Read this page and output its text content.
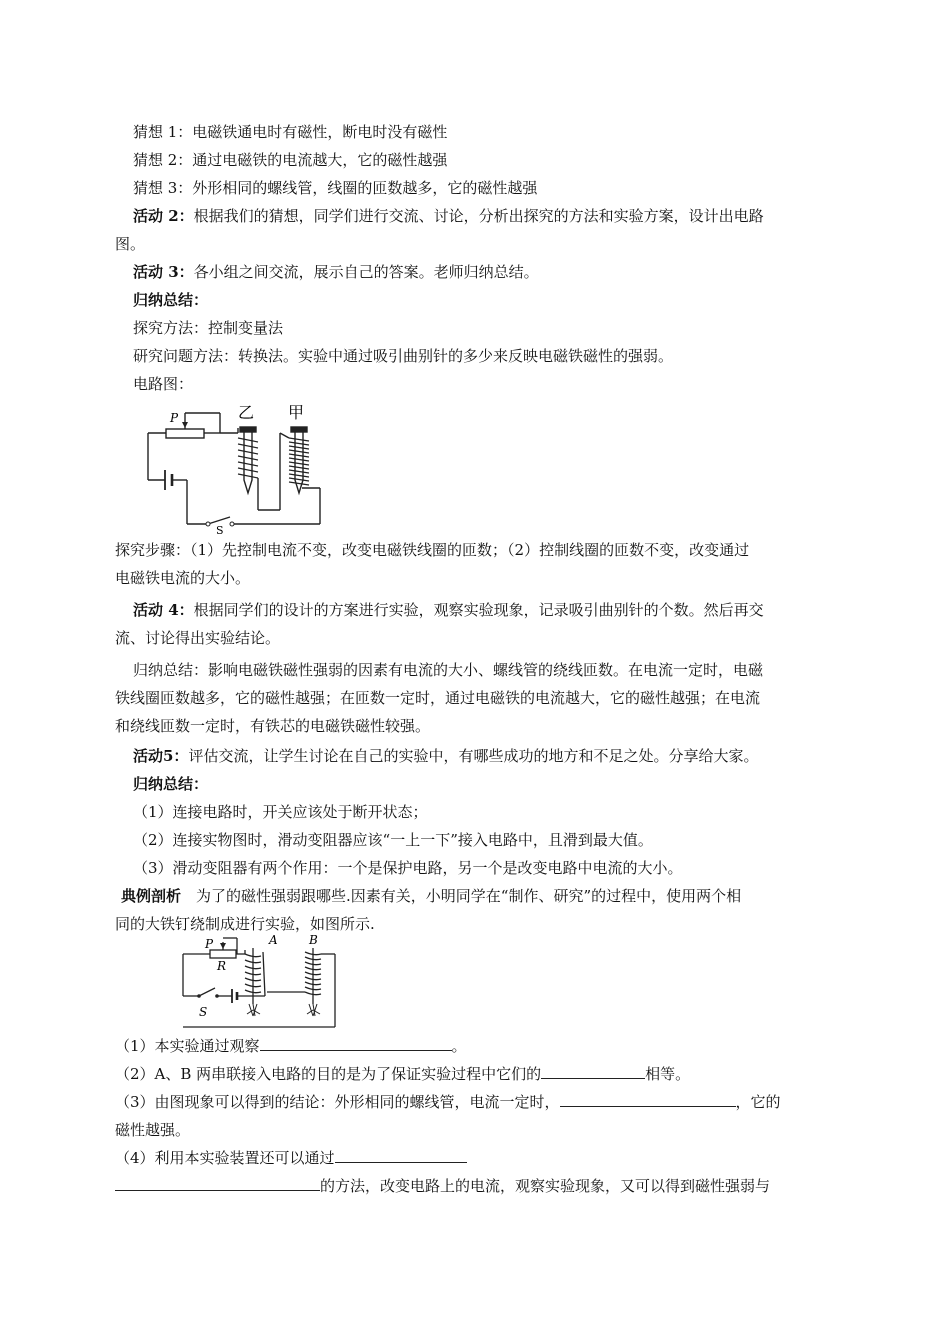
猜想 1：电磁铁通电时有磁性，断电时没有磁性
猜想 2：通过电磁铁的电流越大，它的磁性越强
猜想 3：外形相同的螺线管，线圈的匝数越多，它的磁性越强
活动 2：根据我们的猜想，同学们进行交流、讨论，分析出探究的方法和实验方案，设计出电路
图。
活动 3：各小组之间交流，展示自己的答案。老师归纳总结。
归纳总结：
探究方法：控制变量法
研究问题方法：转换法。实验中通过吸引曲别针的多少来反映电磁铁磁性的强弱。
电路图：
P	乙 甲
S
探究步骤：（1）先控制电流不变，改变电磁铁线圈的匝数；（2）控制线圈的匝数不变，改变通过
电磁铁电流的大小。
活动 4：根据同学们的设计的方案进行实验，观察实验现象，记录吸引曲别针的个数。然后再交
流、讨论得出实验结论。
归纳总结：影响电磁铁磁性强弱的因素有电流的大小、螺线管的绕线匝数。在电流一定时，电磁
铁线圈匝数越多，它的磁性越强；在匝数一定时，通过电磁铁的电流越大，它的磁性越强；在电流
和绕线匝数一定时，有铁芯的电磁铁磁性较强。
活动5：评估交流，让学生讨论在自己的实验中，有哪些成功的地方和不足之处。分享给大家。
归纳总结：
（1）连接电路时，开关应该处于断开状态；
（2）连接实物图时，滑动变阻器应该“一上一下”接入电路中，且滑到最大值。
（3）滑动变阻器有两个作用：一个是保护电路，另一个是改变电路中电流的大小。
典例剖析 为了的磁性强弱跟哪些.因素有关，小明同学在“制作、研究”的过程中，使用两个相
同的大铁钉绕制成进行实验，如图所示.
P
R
A	B
S
（1）本实验通过观察	。
（2）A、B 两串联接入电路的目的是为了保证实验过程中它们的	相等。
（3）由图现象可以得到的结论：外形相同的螺线管，电流一定时，	，它的
磁性越强。
（4）利用本实验装置还可以通过
的方法，改变电路上的电流，观察实验现象，又可以得到磁性强弱与
